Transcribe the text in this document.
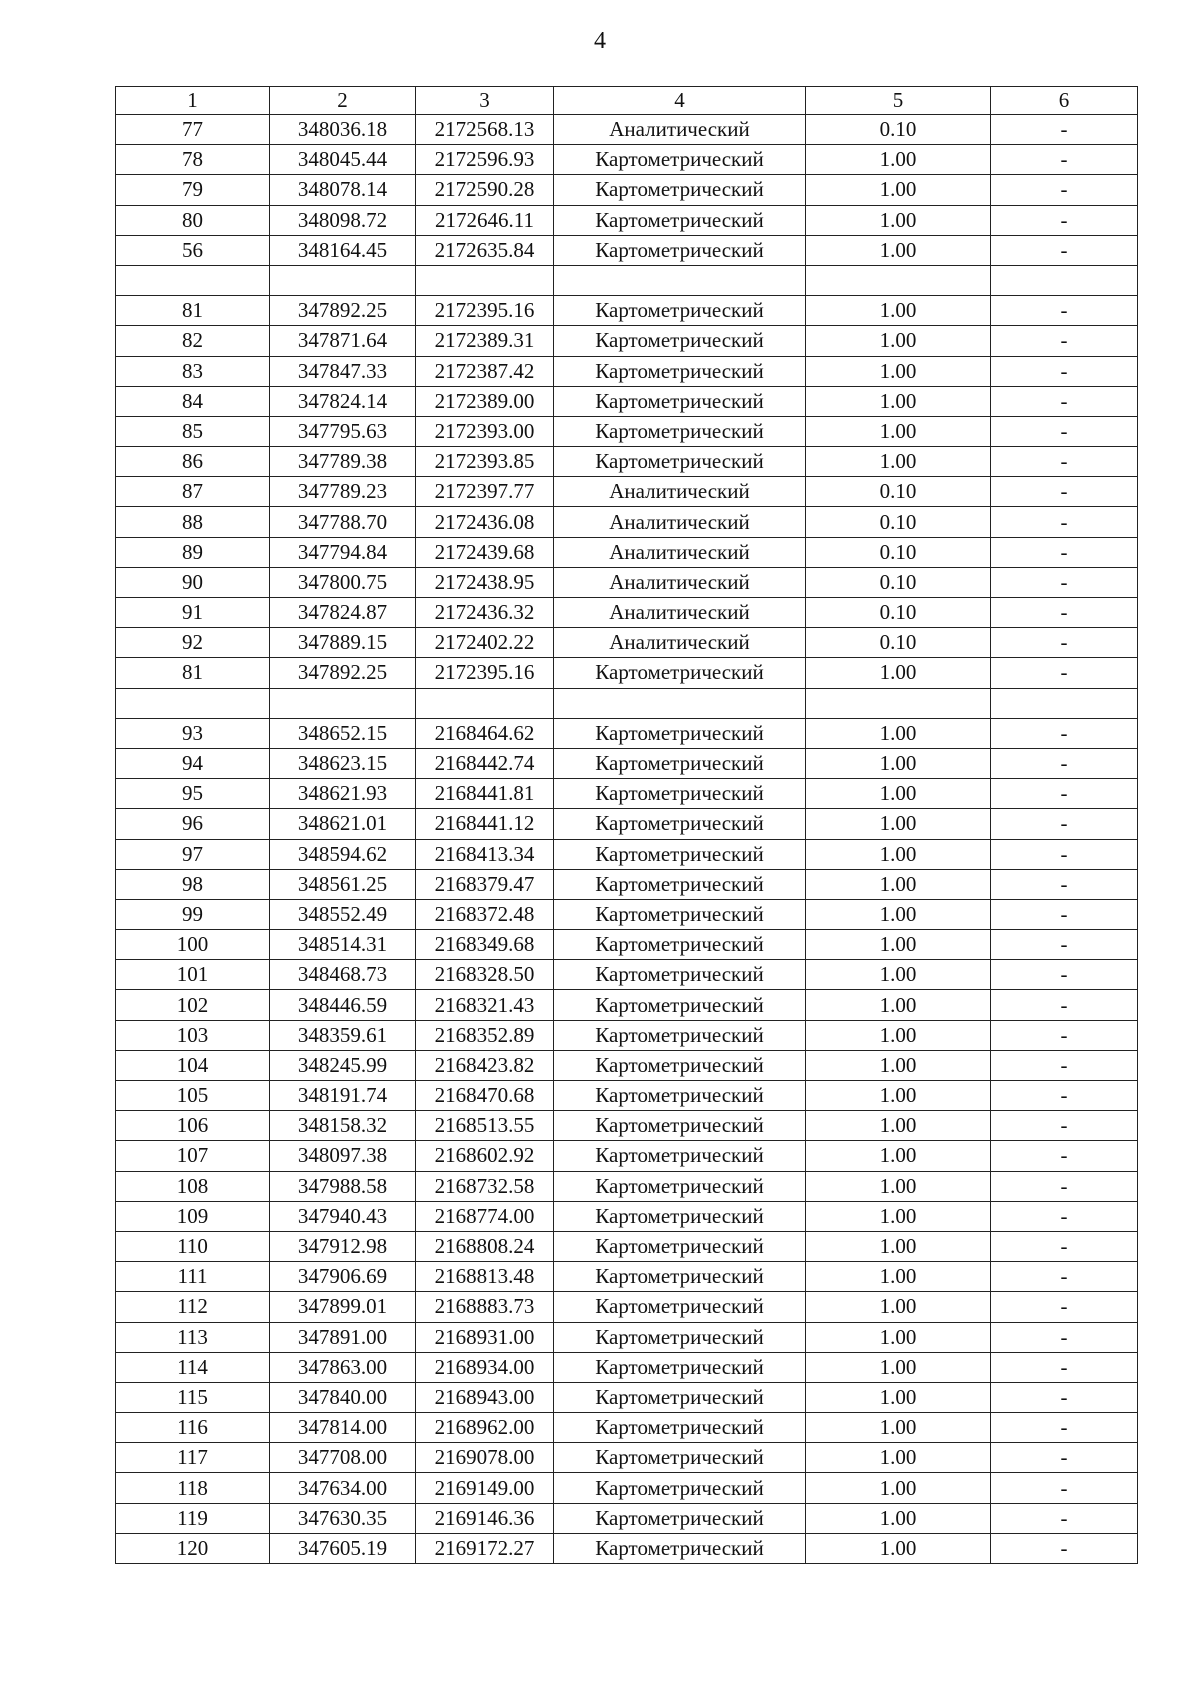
4
1	2	3	4	5	6
77	348036.18	2172568.13	Аналитический	0.10	-
78	348045.44	2172596.93	Картометрический	1.00	-
79	348078.14	2172590.28	Картометрический	1.00	-
80	348098.72	2172646.11	Картометрический	1.00	-
56	348164.45	2172635.84	Картометрический	1.00	-

81	347892.25	2172395.16	Картометрический	1.00	-
82	347871.64	2172389.31	Картометрический	1.00	-
83	347847.33	2172387.42	Картометрический	1.00	-
84	347824.14	2172389.00	Картометрический	1.00	-
85	347795.63	2172393.00	Картометрический	1.00	-
86	347789.38	2172393.85	Картометрический	1.00	-
87	347789.23	2172397.77	Аналитический	0.10	-
88	347788.70	2172436.08	Аналитический	0.10	-
89	347794.84	2172439.68	Аналитический	0.10	-
90	347800.75	2172438.95	Аналитический	0.10	-
91	347824.87	2172436.32	Аналитический	0.10	-
92	347889.15	2172402.22	Аналитический	0.10	-
81	347892.25	2172395.16	Картометрический	1.00	-

93	348652.15	2168464.62	Картометрический	1.00	-
94	348623.15	2168442.74	Картометрический	1.00	-
95	348621.93	2168441.81	Картометрический	1.00	-
96	348621.01	2168441.12	Картометрический	1.00	-
97	348594.62	2168413.34	Картометрический	1.00	-
98	348561.25	2168379.47	Картометрический	1.00	-
99	348552.49	2168372.48	Картометрический	1.00	-
100	348514.31	2168349.68	Картометрический	1.00	-
101	348468.73	2168328.50	Картометрический	1.00	-
102	348446.59	2168321.43	Картометрический	1.00	-
103	348359.61	2168352.89	Картометрический	1.00	-
104	348245.99	2168423.82	Картометрический	1.00	-
105	348191.74	2168470.68	Картометрический	1.00	-
106	348158.32	2168513.55	Картометрический	1.00	-
107	348097.38	2168602.92	Картометрический	1.00	-
108	347988.58	2168732.58	Картометрический	1.00	-
109	347940.43	2168774.00	Картометрический	1.00	-
110	347912.98	2168808.24	Картометрический	1.00	-
111	347906.69	2168813.48	Картометрический	1.00	-
112	347899.01	2168883.73	Картометрический	1.00	-
113	347891.00	2168931.00	Картометрический	1.00	-
114	347863.00	2168934.00	Картометрический	1.00	-
115	347840.00	2168943.00	Картометрический	1.00	-
116	347814.00	2168962.00	Картометрический	1.00	-
117	347708.00	2169078.00	Картометрический	1.00	-
118	347634.00	2169149.00	Картометрический	1.00	-
119	347630.35	2169146.36	Картометрический	1.00	-
120	347605.19	2169172.27	Картометрический	1.00	-
